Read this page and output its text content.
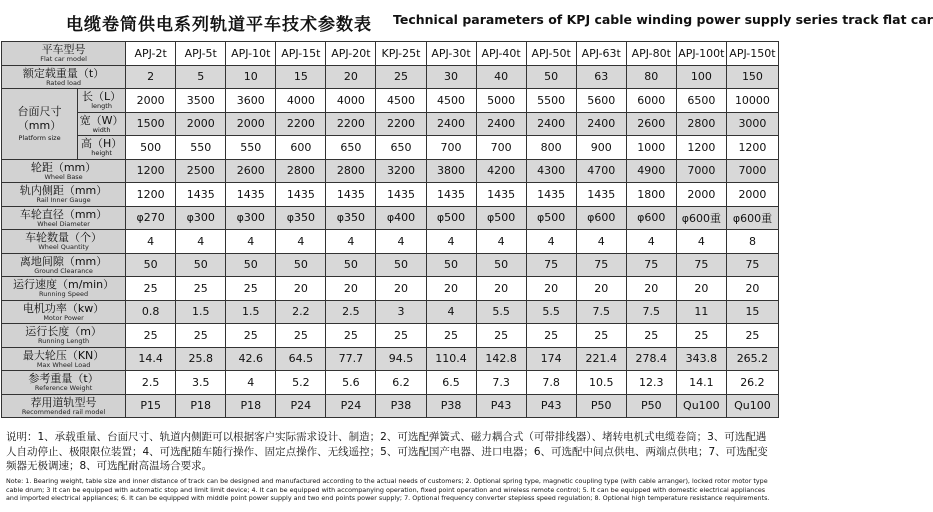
电缆卷筒供电系列轨道平车技术参数表 Technical parameters of KPJ cable winding power supply series track flat car
平车型号
Flat car model		APJ-2t	APJ-5t	APJ-10t	APJ-15t	APJ-20t	KPJ-25t	APJ-30t	APJ-40t	APJ-50t	APJ-63t	APJ-80t	APJ-100t	APJ-150t

额定载重量（t）
Rated load		2	5	10	15	20	25	30	40	50	63	80	100	150

台面尺寸
（mm）
Platform size	长（L）
length	2000	3500	3600	4000	4000	4500	4500	5000	5500	5600	6000	6500	10000

	宽（W）
width	1500	2000	2000	2200	2200	2200	2400	2400	2400	2400	2600	2800	3000

	高（H）
height	500	550	550	600	650	650	700	700	800	900	1000	1200	1200

轮距（mm）
Wheel Base		1200	2500	2600	2800	2800	3200	3800	4200	4300	4700	4900	7000	7000

轨内侧距（mm）
Rail Inner Gauge		1200	1435	1435	1435	1435	1435	1435	1435	1435	1435	1800	2000	2000

车轮直径（mm）
Wheel Diameter		φ270	φ300	φ300	φ350	φ350	φ400	φ500	φ500	φ500	φ600	φ600	φ600重	φ600重

车轮数量（个）
Wheel Quantity		4	4	4	4	4	4	4	4	4	4	4	4	8

离地间隙（mm）
Ground Clearance		50	50	50	50	50	50	50	50	75	75	75	75	75

运行速度（m/min）
Running Speed		25	25	25	20	20	20	20	20	20	20	20	20	20

电机功率（kw）
Motor Power		0.8	1.5	1.5	2.2	2.5	3	4	5.5	5.5	7.5	7.5	11	15

运行长度（m）
Running Length		25	25	25	25	25	25	25	25	25	25	25	25	25

最大轮压（KN）
Max Wheel Load		14.4	25.8	42.6	64.5	77.7	94.5	110.4	142.8	174	221.4	278.4	343.8	265.2

参考重量（t）
Reference Weight		2.5	3.5	4	5.2	5.6	6.2	6.5	7.3	7.8	10.5	12.3	14.1	26.2

荐用道轨型号
Recommended rail model		P15	P18	P18	P24	P24	P38	P38	P43	P43	P50	P50	Qu100	Qu100
说明：1、承载重量、台面尺寸、轨道内侧距可以根据客户实际需求设计、制造；2、可选配弹簧式、磁力耦合式（可带排线器）、堵转电机式电缆卷筒；3、可选配遇人自动停止、极限限位装置；4、可选配随车随行操作、固定点操作、无线遥控；5、可选配国产电器、进口电器；6、可选配中间点供电、两端点供电；7、可选配变频器无极调速；8、可选配耐高温场合要求。
Note: 1. Bearing weight, table size and inner distance of track can be designed and manufactured according to the actual needs of customers; 2. Optional spring type, magnetic coupling type (with cable arranger), locked rotor motor type cable drum; 3 It can be equipped with automatic stop and limit limit device; 4. It can be equipped with accompanying operation, fixed point operation and wireless remote control; 5. It can be equipped with domestic electrical appliances and imported electrical appliances; 6. It can be equipped with middle point power supply and two end points power supply; 7. Optional frequency converter stepless speed regulation; 8. Optional high temperature resistance requirements.
